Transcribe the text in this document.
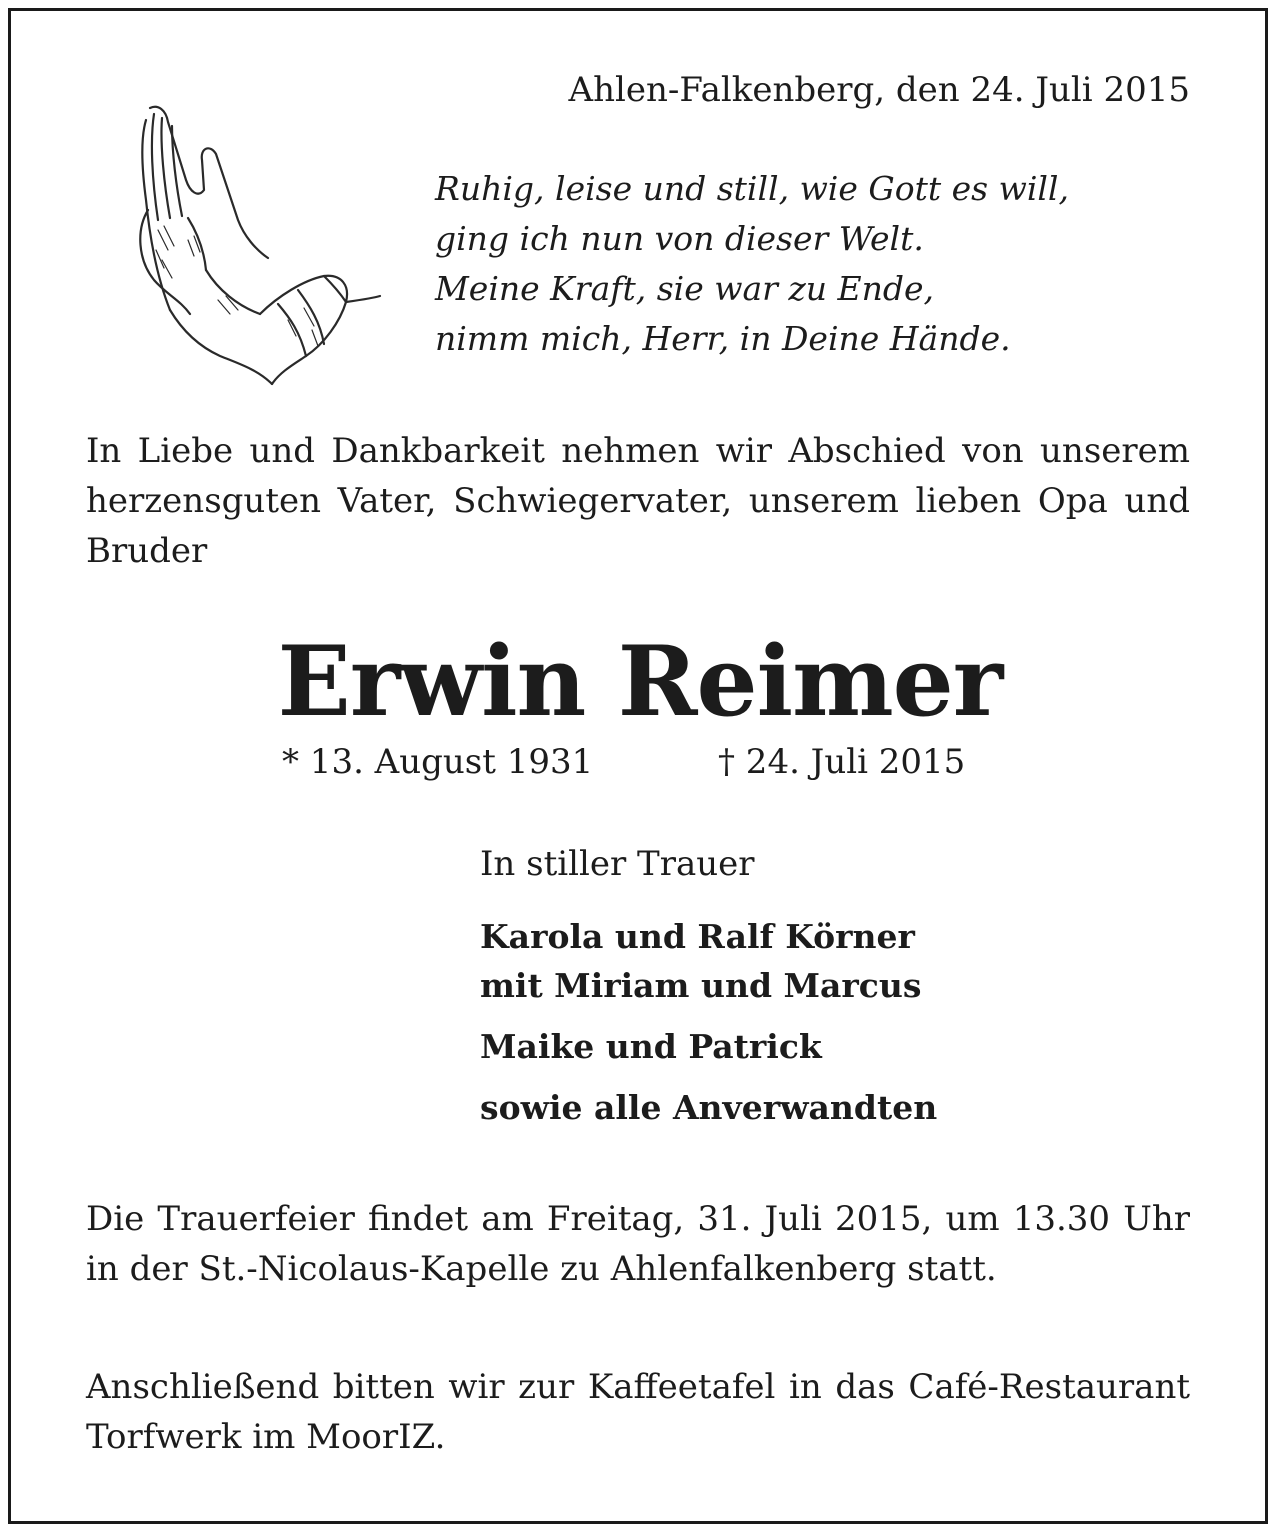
Ahlen-Falkenberg, den 24. Juli 2015
Ruhig, leise und still, wie Gott es will,
ging ich nun von dieser Welt.
Meine Kraft, sie war zu Ende,
nimm mich, Herr, in Deine Hände.
In Liebe und Dankbarkeit nehmen wir Abschied von unserem herzensguten Vater, Schwiegervater, unserem lieben Opa und Bruder
Erwin Reimer
* 13. August 1931	† 24. Juli 2015
In stiller Trauer
Karola und Ralf Körner
mit Miriam und Marcus
Maike und Patrick
sowie alle Anverwandten
Die Trauerfeier findet am Freitag, 31. Juli 2015, um 13.30 Uhr in der St.-Nicolaus-Kapelle zu Ahlenfalkenberg statt.
Anschließend bitten wir zur Kaffeetafel in das Café-Restaurant Torfwerk im MoorIZ.
